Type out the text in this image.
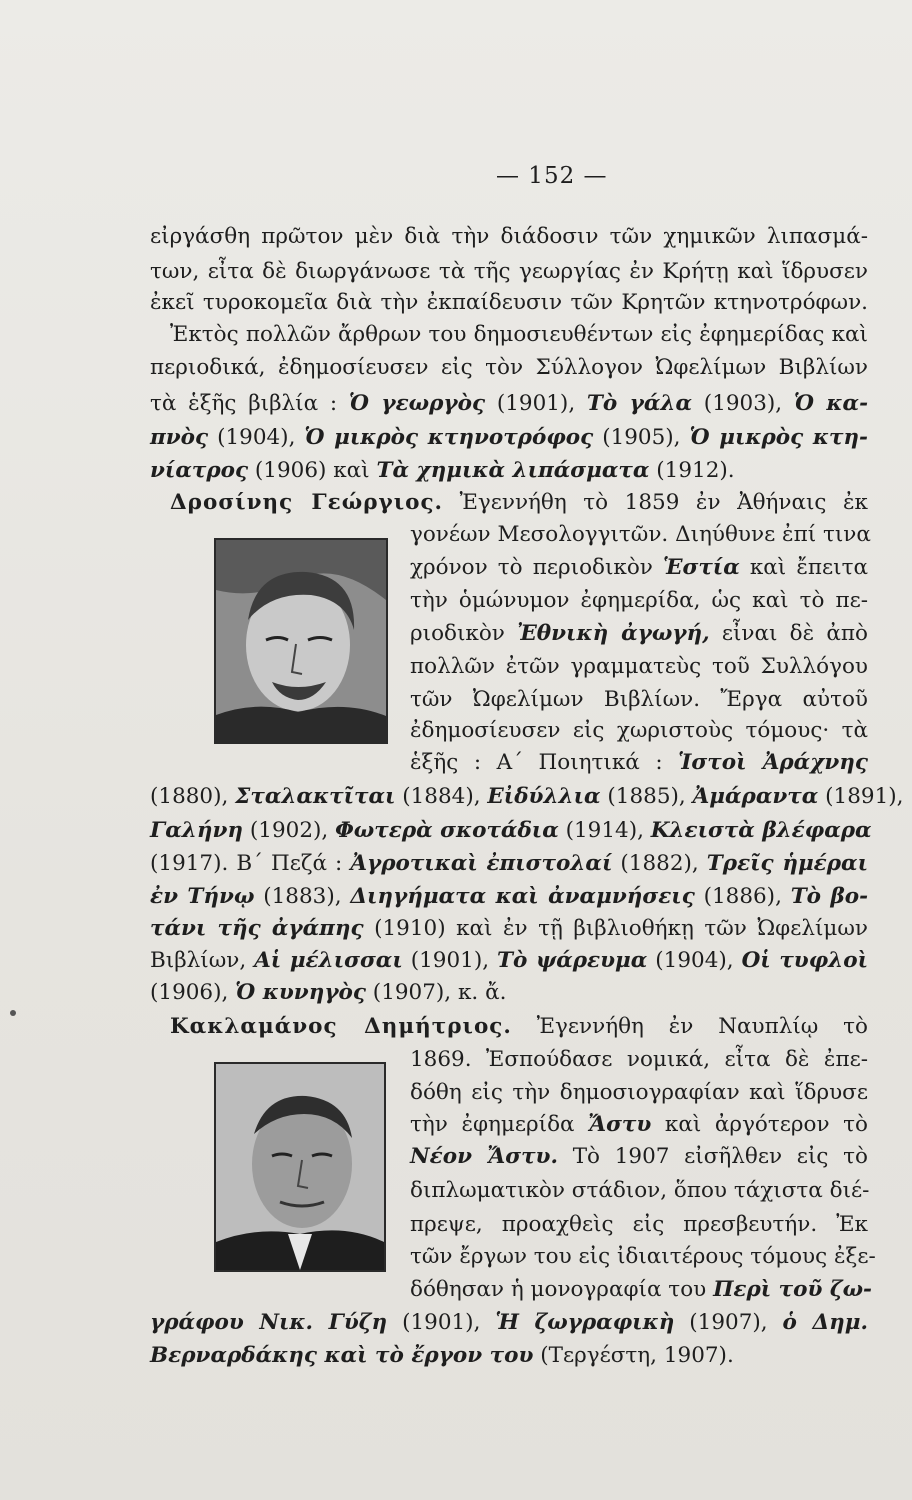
— 152 —
εἰργάσθη πρῶτον μὲν διὰ τὴν διάδοσιν τῶν χημικῶν λιπασμά-
των, εἶτα δὲ διωργάνωσε τὰ τῆς γεωργίας ἐν Κρήτῃ καὶ ἵδρυσεν
ἐκεῖ τυροκομεῖα διὰ τὴν ἐκπαίδευσιν τῶν Κρητῶν κτηνοτρόφων.
Ἐκτὸς πολλῶν ἄρθρων του δημοσιευθέντων εἰς ἐφημερίδας καὶ
περιοδικά, ἐδημοσίευσεν εἰς τὸν Σύλλογον Ὠφελίμων Βιβλίων
τὰ ἑξῆς βιβλία : Ὁ γεωργὸς (1901), Τὸ γάλα (1903), Ὁ κα-
πνὸς (1904), Ὁ μικρὸς κτηνοτρόφος (1905), Ὁ μικρὸς κτη-
νίατρος (1906) καὶ Τὰ χημικὰ λιπάσματα (1912).
Δροσίνης Γεώργιος. Ἐγεννήθη τὸ 1859 ἐν Ἀθήναις ἐκ
γονέων Μεσολογγιτῶν. Διηύθυνε ἐπί τινα
χρόνον τὸ περιοδικὸν Ἑστία καὶ ἔπειτα
τὴν ὁμώνυμον ἐφημερίδα, ὡς καὶ τὸ πε-
ριοδικὸν Ἐθνικὴ ἀγωγή, εἶναι δὲ ἀπὸ
πολλῶν ἐτῶν γραμματεὺς τοῦ Συλλόγου
τῶν Ὠφελίμων Βιβλίων. Ἔργα αὐτοῦ
ἐδημοσίευσεν εἰς χωριστοὺς τόμους· τὰ
ἑξῆς : Α΄ Ποιητικά : Ἱστοὶ Ἀράχνης
(1880), Σταλακτῖται (1884), Εἰδύλλια (1885), Ἀμάραντα (1891),
Γαλήνη (1902), Φωτερὰ σκοτάδια (1914), Κλειστὰ βλέφαρα
(1917). Β΄ Πεζά : Ἀγροτικαὶ ἐπιστολαί (1882), Τρεῖς ἡμέραι
ἐν Τήνῳ (1883), Διηγήματα καὶ ἀναμνήσεις (1886), Τὸ βο-
τάνι τῆς ἀγάπης (1910) καὶ ἐν τῇ βιβλιοθήκῃ τῶν Ὠφελίμων
Βιβλίων, Αἱ μέλισσαι (1901), Τὸ ψάρευμα (1904), Οἱ τυφλοὶ
(1906), Ὁ κυνηγὸς (1907), κ. ἄ.
Κακλαμάνος Δημήτριος. Ἐγεννήθη ἐν Ναυπλίῳ τὸ
1869. Ἐσπούδασε νομικά, εἶτα δὲ ἐπε-
δόθη εἰς τὴν δημοσιογραφίαν καὶ ἵδρυσε
τὴν ἐφημερίδα Ἄστυ καὶ ἀργότερον τὸ
Νέον Ἄστυ. Τὸ 1907 εἰσῆλθεν εἰς τὸ
διπλωματικὸν στάδιον, ὅπου τάχιστα διέ-
πρεψε, προαχθεὶς εἰς πρεσβευτήν. Ἐκ
τῶν ἔργων του εἰς ἰδιαιτέρους τόμους ἐξε-
δόθησαν ἡ μονογραφία του Περὶ τοῦ ζω-
γράφου Νικ. Γύζη (1901), Ἡ ζωγραφικὴ (1907), ὁ Δημ.
Βερναρδάκης καὶ τὸ ἔργον του (Τεργέστη, 1907).
